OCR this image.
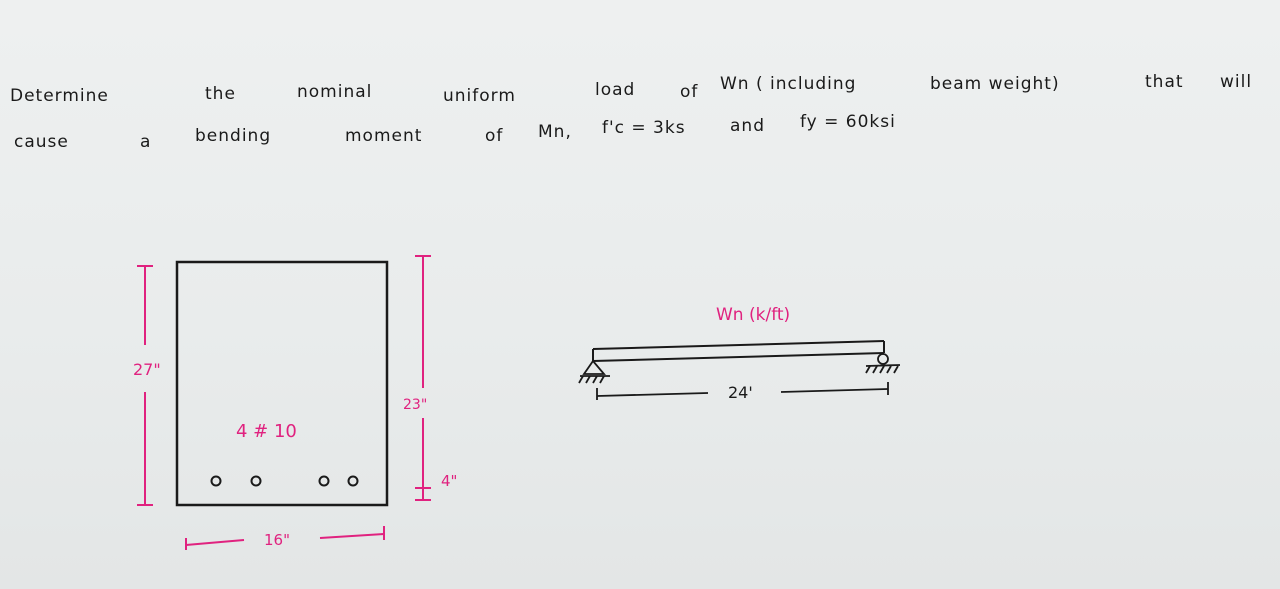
Determine	the	nominal	uniform	load	of Wn ( including	beam weight)	that will
cause	a	bending	moment	of Mn, f'c = 3ks	and fy = 60ksi
4 # 10
27"
23"
4"
16"
24'
Wn (k/ft)
